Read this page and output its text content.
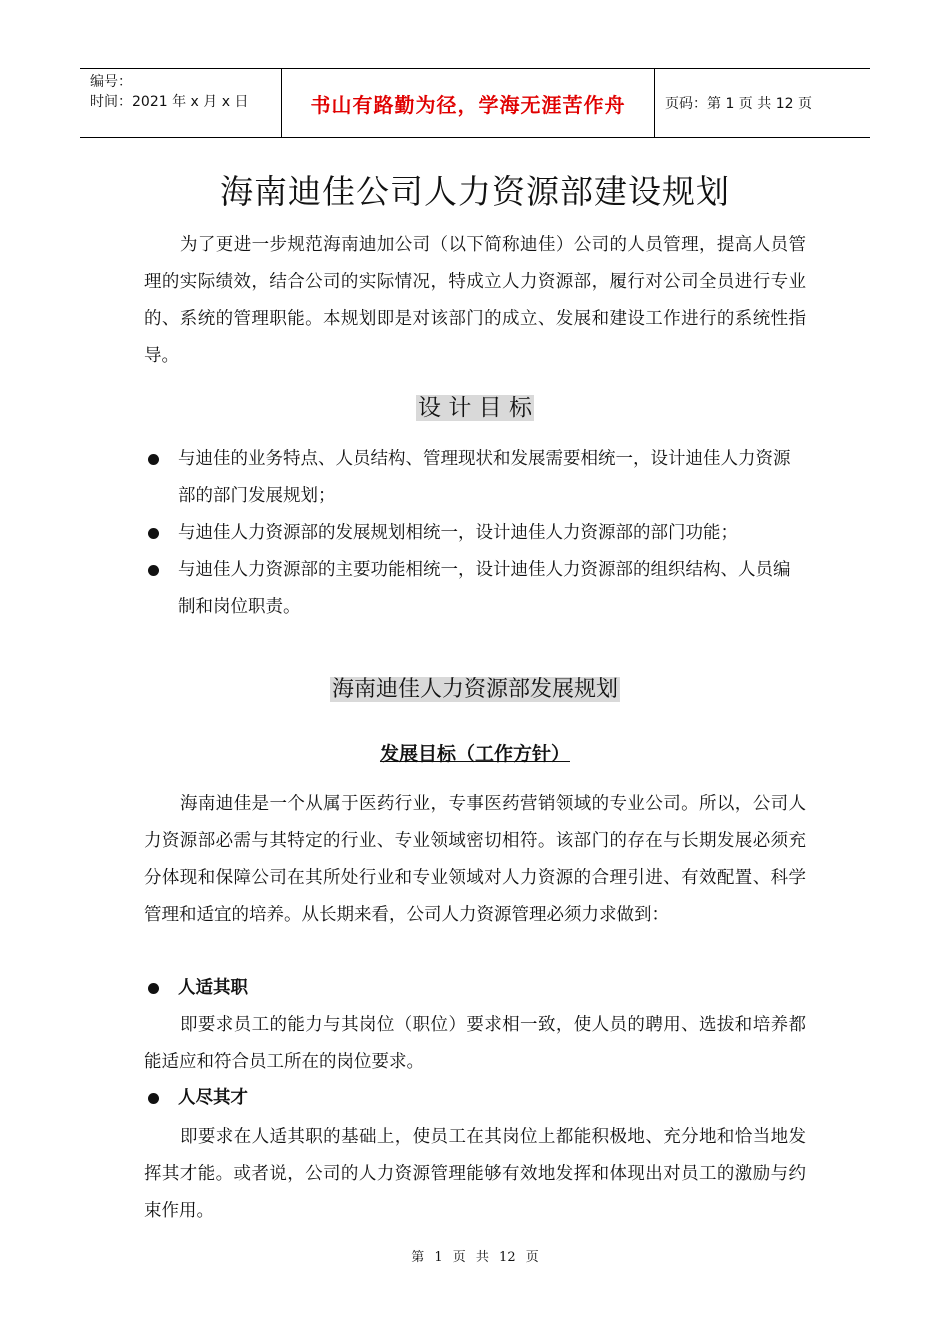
编号：
时间：2021 年 x 月 x 日	书山有路勤为径，学海无涯苦作舟	页码：第 1 页 共 12 页
海南迪佳公司人力资源部建设规划

为了更进一步规范海南迪加公司（以下简称迪佳）公司的人员管理，提高人员管理的实际绩效，结合公司的实际情况，特成立人力资源部，履行对公司全员进行专业的、系统的管理职能。本规划即是对该部门的成立、发展和建设工作进行的系统性指导。

设 计 目 标
与迪佳的业务特点、人员结构、管理现状和发展需要相统一，设计迪佳人力资源部的部门发展规划；
与迪佳人力资源部的发展规划相统一，设计迪佳人力资源部的部门功能；
与迪佳人力资源部的主要功能相统一，设计迪佳人力资源部的组织结构、人员编制和岗位职责。
海南迪佳人力资源部发展规划
发展目标（工作方针）

海南迪佳是一个从属于医药行业，专事医药营销领域的专业公司。所以，公司人力资源部必需与其特定的行业、专业领域密切相符。该部门的存在与长期发展必须充分体现和保障公司在其所处行业和专业领域对人力资源的合理引进、有效配置、科学管理和适宜的培养。从长期来看，公司人力资源管理必须力求做到：

人适其职

即要求员工的能力与其岗位（职位）要求相一致，使人员的聘用、选拔和培养都能适应和符合员工所在的岗位要求。

人尽其才

即要求在人适其职的基础上，使员工在其岗位上都能积极地、充分地和恰当地发挥其才能。或者说，公司的人力资源管理能够有效地发挥和体现出对员工的激励与约束作用。

第 1 页 共 12 页
